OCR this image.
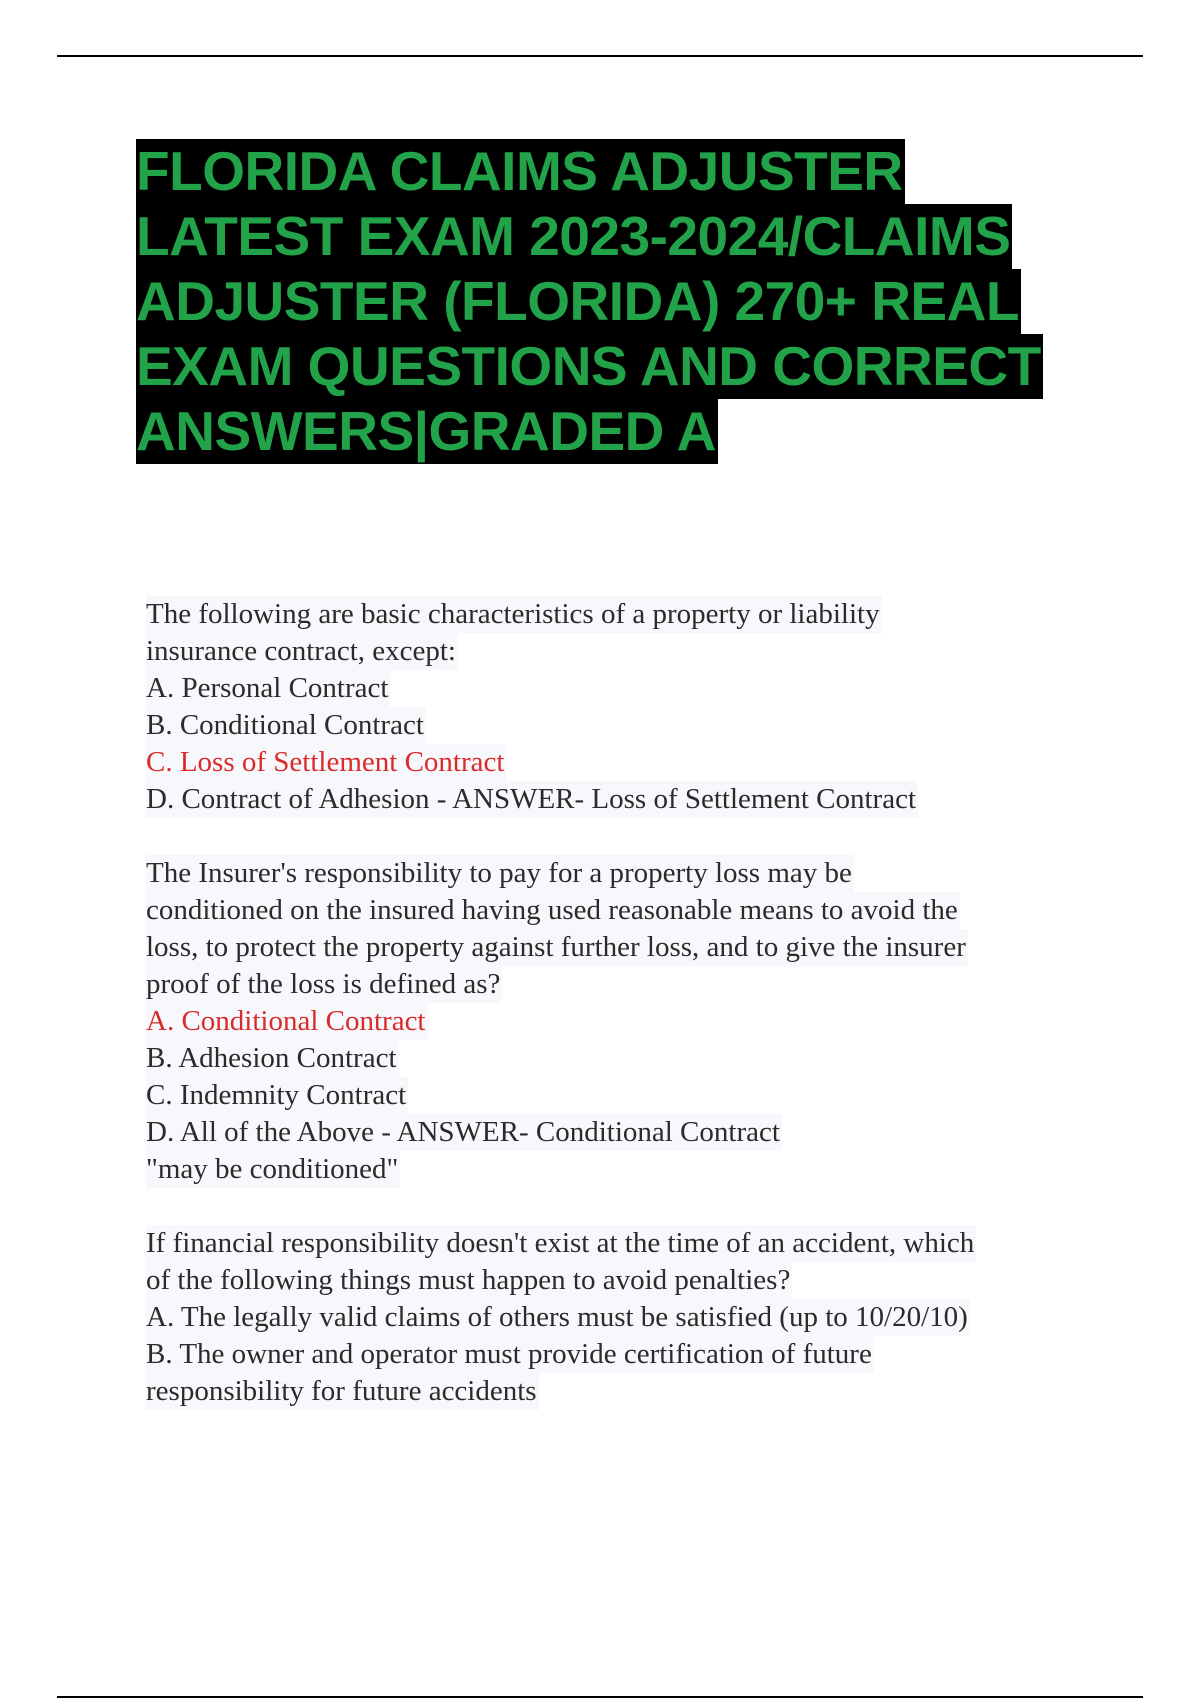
FLORIDA CLAIMS ADJUSTER
LATEST EXAM 2023-2024/CLAIMS
ADJUSTER (FLORIDA) 270+ REAL
EXAM QUESTIONS AND CORRECT
ANSWERS|GRADED A
The following are basic characteristics of a property or liability
insurance contract, except:
A. Personal Contract
B. Conditional Contract
C. Loss of Settlement Contract
D. Contract of Adhesion - ANSWER- Loss of Settlement Contract
The Insurer's responsibility to pay for a property loss may be
conditioned on the insured having used reasonable means to avoid the
loss, to protect the property against further loss, and to give the insurer
proof of the loss is defined as?
A. Conditional Contract
B. Adhesion Contract
C. Indemnity Contract
D. All of the Above - ANSWER- Conditional Contract
"may be conditioned"
If financial responsibility doesn't exist at the time of an accident, which
of the following things must happen to avoid penalties?
A. The legally valid claims of others must be satisfied (up to 10/20/10)
B. The owner and operator must provide certification of future
responsibility for future accidents
